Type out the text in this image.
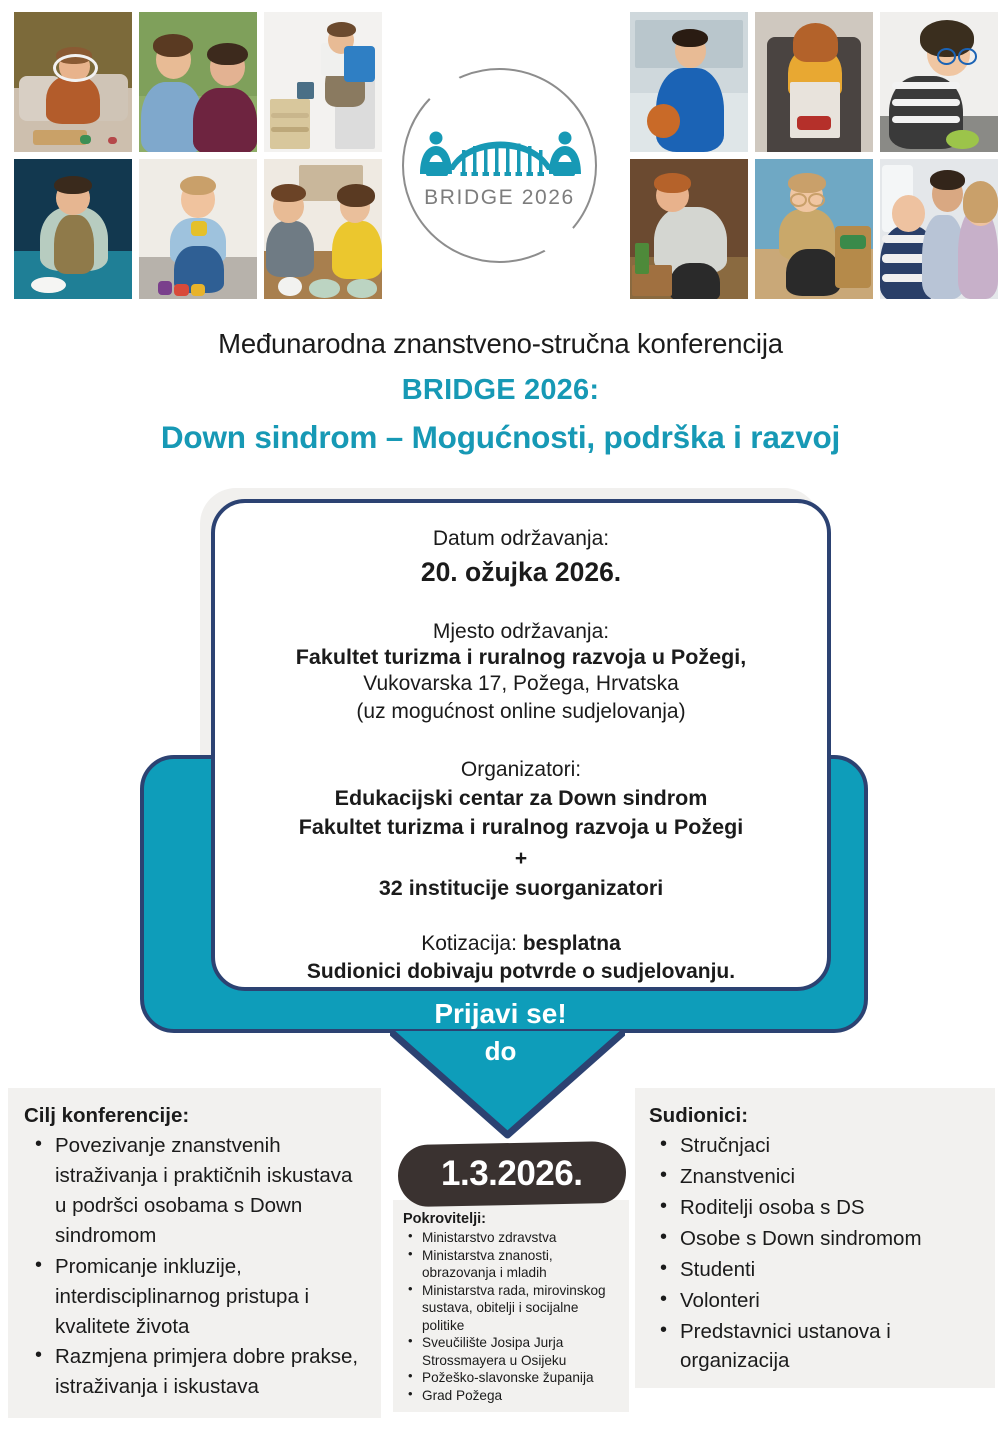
BRIDGE 2026
Međunarodna znanstveno-stručna konferencija
BRIDGE 2026:
Down sindrom – Mogućnosti, podrška i razvoj
Datum održavanja:
20. ožujka 2026.
Mjesto održavanja:
Fakultet turizma i ruralnog razvoja u Požegi,
Vukovarska 17, Požega, Hrvatska
(uz mogućnost online sudjelovanja)
Organizatori:
Edukacijski centar za Down sindrom
Fakultet turizma i ruralnog razvoja u Požegi
+
32 institucije suorganizatori
Kotizacija: besplatna
Sudionici dobivaju potvrde o sudjelovanju.
Prijavi se!
do
1.3.2026.
Cilj konferencije:
• Povezivanje znanstvenih istraživanja i praktičnih iskustava u podršci osobama s Down sindromom
• Promicanje inkluzije, interdisciplinarnog pristupa i kvalitete života
• Razmjena primjera dobre prakse, istraživanja i iskustava
Sudionici:
• Stručnjaci
• Znanstvenici
• Roditelji osoba s DS
• Osobe s Down sindromom
• Studenti
• Volonteri
• Predstavnici ustanova i organizacija
Pokrovitelji:
• Ministarstvo zdravstva
• Ministarstva znanosti, obrazovanja i mladih
• Ministarstva rada, mirovinskog sustava, obitelji i socijalne politike
• Sveučilište Josipa Jurja Strossmayera u Osijeku
• Požeško-slavonske županija
• Grad Požega
